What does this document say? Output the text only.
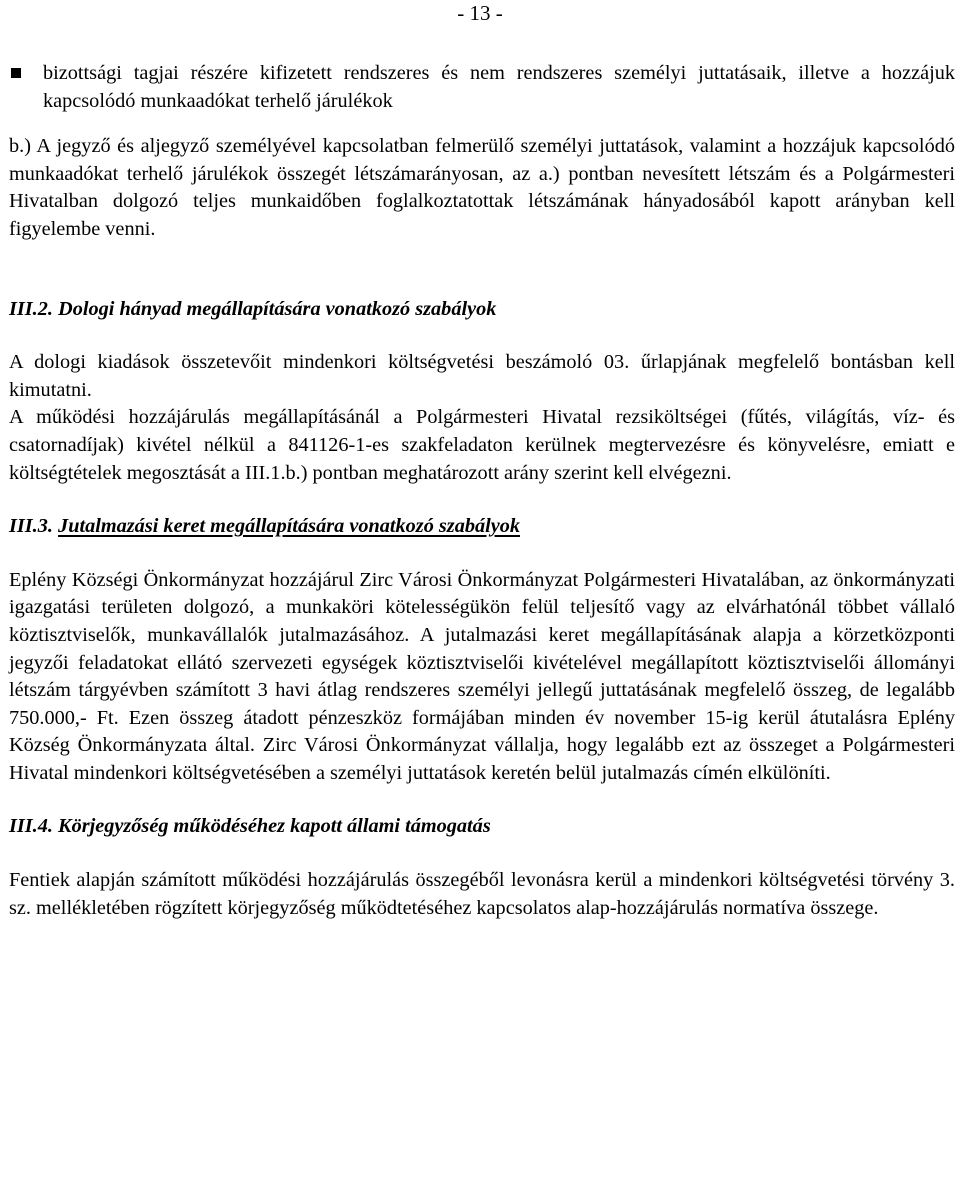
- 13 -
bizottsági tagjai részére kifizetett rendszeres és nem rendszeres személyi juttatásaik, illetve a hozzájuk kapcsolódó munkaadókat terhelő járulékok

b.) A jegyző és aljegyző személyével kapcsolatban felmerülő személyi juttatások, valamint a hozzájuk kapcsolódó munkaadókat terhelő járulékok összegét létszámarányosan, az a.) pontban nevesített létszám és a Polgármesteri Hivatalban dolgozó teljes munkaidőben foglalkoztatottak létszámának hányadosából kapott arányban kell figyelembe venni.

III.2. Dologi hányad megállapítására vonatkozó szabályok

A dologi kiadások összetevőit mindenkori költségvetési beszámoló 03. űrlapjának megfelelő bontásban kell kimutatni.

A működési hozzájárulás megállapításánál a Polgármesteri Hivatal rezsiköltségei (fűtés, világítás, víz- és csatornadíjak) kivétel nélkül a 841126-1-es szakfeladaton kerülnek megtervezésre és könyvelésre, emiatt e költségtételek megosztását a III.1.b.) pontban meghatározott arány szerint kell elvégezni.

III.3. Jutalmazási keret megállapítására vonatkozó szabályok

Eplény Községi Önkormányzat hozzájárul Zirc Városi Önkormányzat Polgármesteri Hivatalában, az önkormányzati igazgatási területen dolgozó, a munkaköri kötelességükön felül teljesítő vagy az elvárhatónál többet vállaló köztisztviselők, munkavállalók jutalmazásához. A jutalmazási keret megállapításának alapja a körzetközponti jegyzői feladatokat ellátó szervezeti egységek köztisztviselői kivételével megállapított köztisztviselői állományi létszám tárgyévben számított 3 havi átlag rendszeres személyi jellegű juttatásának megfelelő összeg, de legalább 750.000,- Ft. Ezen összeg átadott pénzeszköz formájában minden év november 15-ig kerül átutalásra Eplény Község Önkormányzata által. Zirc Városi Önkormányzat vállalja, hogy legalább ezt az összeget a Polgármesteri Hivatal mindenkori költségvetésében a személyi juttatások keretén belül jutalmazás címén elkülöníti.

III.4. Körjegyzőség működéséhez kapott állami támogatás

Fentiek alapján számított működési hozzájárulás összegéből levonásra kerül a mindenkori költségvetési törvény 3. sz. mellékletében rögzített körjegyzőség működtetéséhez kapcsolatos alap-hozzájárulás normatíva összege.
